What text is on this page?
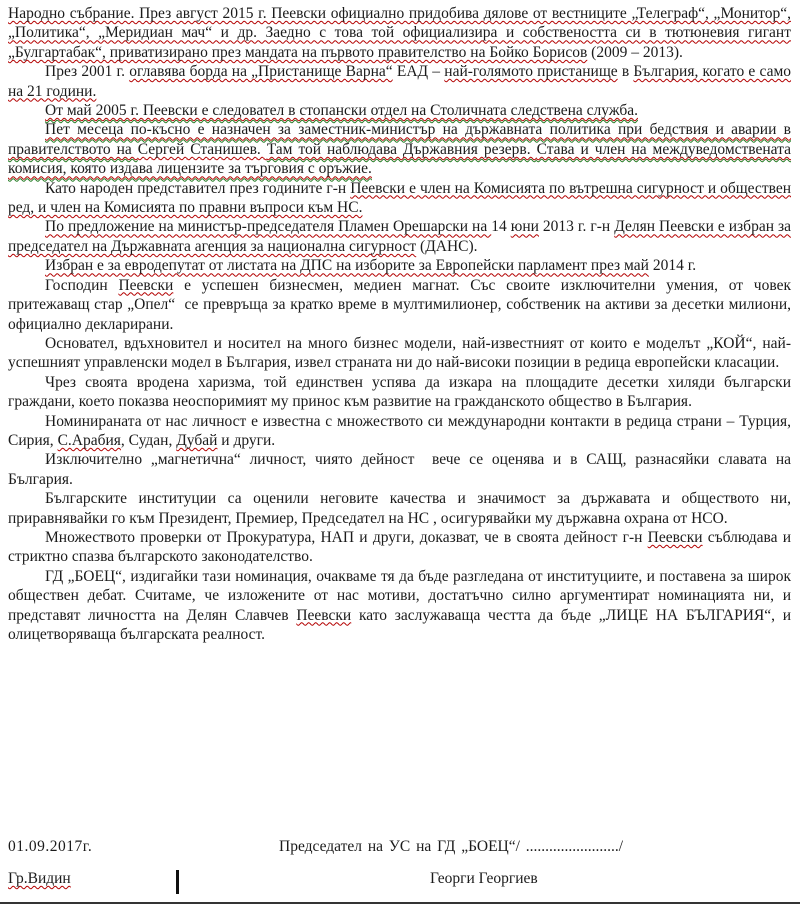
Народно събрание. През август 2015 г. Пеевски официално придобива дялове от вестниците „Телеграф“, „Монитор“, „Политика“, „Меридиан мач“ и др. Заедно с това той официализира и собствеността си в тютюневия гигант „Булгартабак“, приватизирано през мандата на първото правителство на Бойко Борисов (2009 – 2013).

През 2001 г. оглавява борда на „Пристанище Варна“ ЕАД – най-голямото пристанище в България, когато е само на 21 години.

От май 2005 г. Пеевски е следовател в стопански отдел на Столичната следствена служба.

Пет месеца по-късно е назначен за заместник-министър на държавната политика при бедствия и аварии в правителството на Сергей Станишев. Там той наблюдава Държавния резерв. Става и член на междуведомствената комисия, която издава лицензите за търговия с оръжие.

Като народен представител през годините г-н Пеевски е член на Комисията по вътрешна сигурност и обществен ред, и член на Комисията по правни въпроси към НС.

По предложение на министър-председателя Пламен Орешарски на 14 юни 2013 г. г-н Делян Пеевски е избран за председател на Държавната агенция за национална сигурност (ДАНС).

Избран е за евродепутат от листата на ДПС на изборите за Европейски парламент през май 2014 г.

Господин Пеевски е успешен бизнесмен, медиен магнат. Със своите изключителни умения, от човек притежаващ стар „Опел“  се превръща за кратко време в мултимилионер, собственик на активи за десетки милиони, официално декларирани.

Основател, вдъхновител и носител на много бизнес модели, най-известният от които е моделът „КОЙ“, най-успешният управленски модел в България, извел страната ни до най-високи позиции в редица европейски класации.

Чрез своята вродена харизма, той единствен успява да изкара на площадите десетки хиляди български граждани, което показва неоспоримият му принос към развитие на гражданското общество в България.

Номинираната от нас личност е известна с множеството си международни контакти в редица страни – Турция, Сирия, С.Арабия, Судан, Дубай и други.

Изключително „магнетична“ личност, чиято дейност  вече се оценява и в САЩ, разнасяйки славата на България.

Българските институции са оценили неговите качества и значимост за държавата и обществото ни, приравнявайки го към Президент, Премиер, Председател на НС , осигурявайки му държавна охрана от НСО.

Множеството проверки от Прокуратура, НАП и други, доказват, че в своята дейност г-н Пеевски съблюдава и стриктно спазва българското законодателство.

ГД „БОЕЦ“, издигайки тази номинация, очакваме тя да бъде разгледана от институциите, и поставена за широк обществен дебат. Считаме, че изложените от нас мотиви, достатъчно силно аргументират номинацията ни, и представят личността на Делян Славчев Пеевски като заслужаваща честта да бъде „ЛИЦЕ НА БЪЛГАРИЯ“, и олицетворяваща българската реалност.

01.09.2017г.	Председател на УС на ГД „БОЕЦ“/ ......................../
Гр.Видин	Георги Георгиев
